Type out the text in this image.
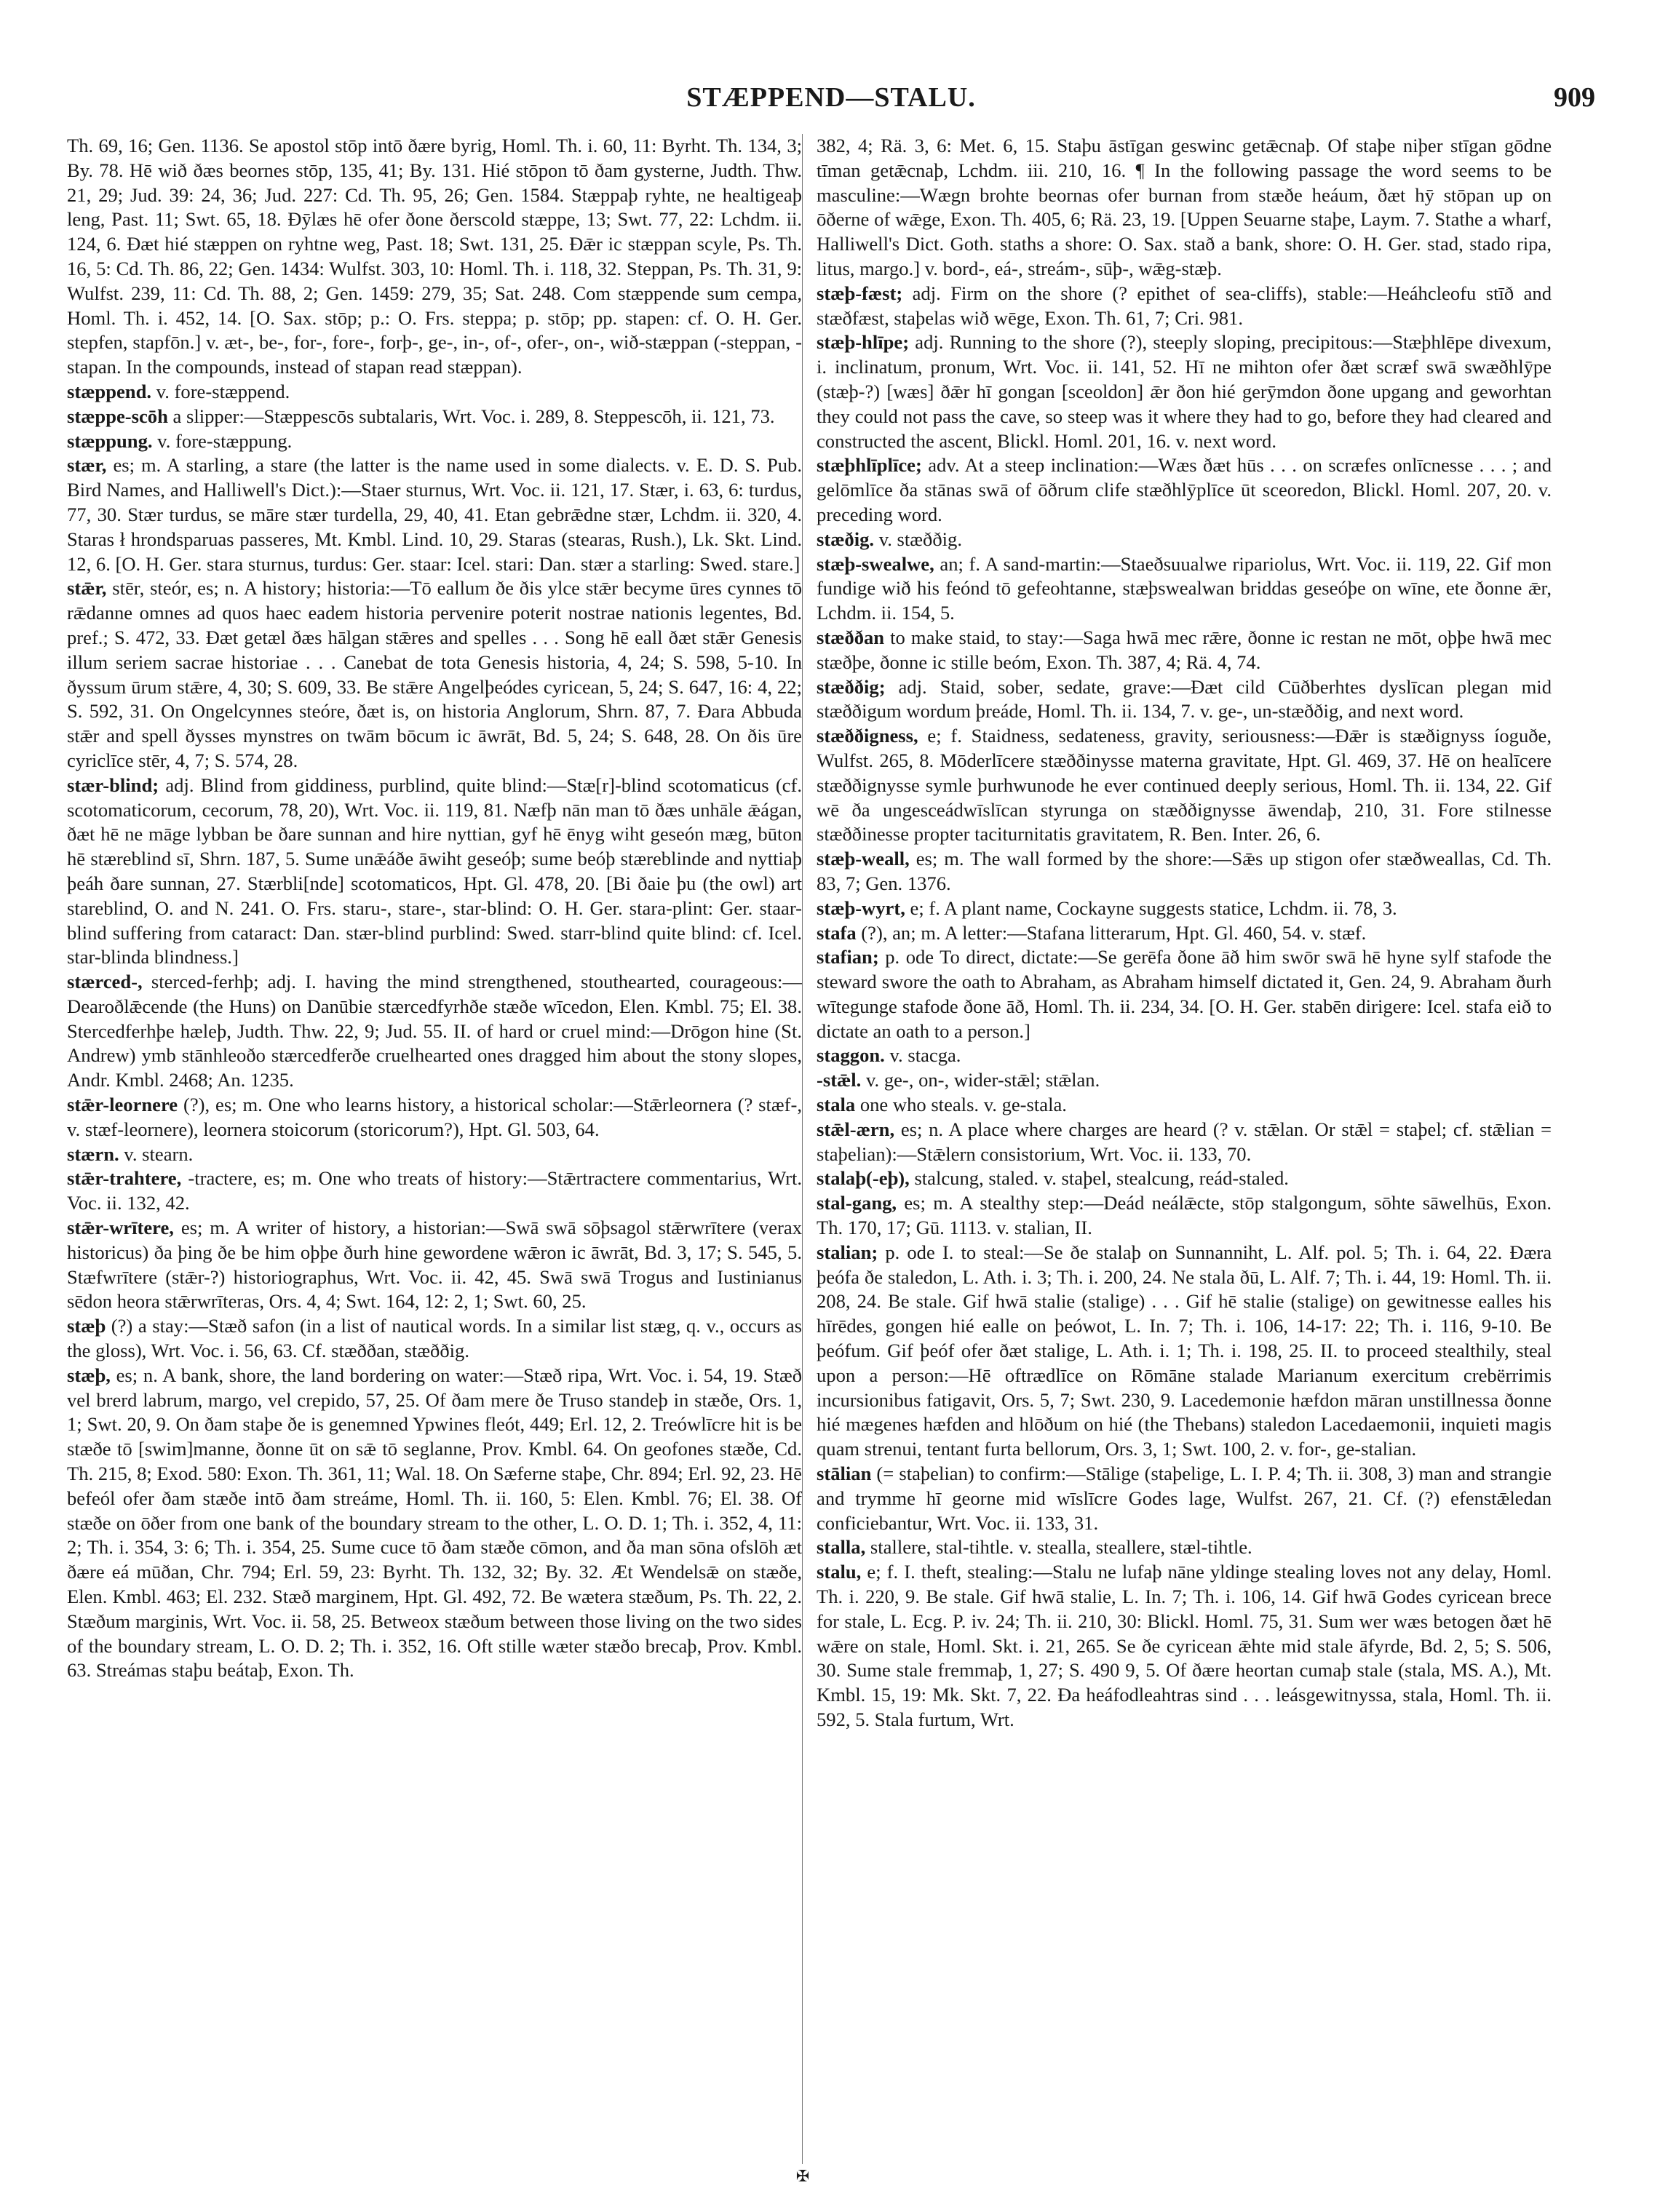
STÆPPEND—STALU.	909

Th. 69, 16; Gen. 1136. Se apostol stōp intō ðære byrig, Homl. Th. i. 60, 11: Byrht. Th. 134, 3; By. 78. Hē wið ðæs beornes stōp, 135, 41; By. 131. Hié stōpon tō ðam gysterne, Judth. Thw. 21, 29; Jud. 39: 24, 36; Jud. 227: Cd. Th. 95, 26; Gen. 1584. Stæppaþ ryhte, ne healtigeaþ leng, Past. 11; Swt. 65, 18. Ðȳlæs hē ofer ðone ðerscold stæppe, 13; Swt. 77, 22: Lchdm. ii. 124, 6. Ðæt hié stæppen on ryhtne weg, Past. 18; Swt. 131, 25. Ðǣr ic stæppan scyle, Ps. Th. 16, 5: Cd. Th. 86, 22; Gen. 1434: Wulfst. 303, 10: Homl. Th. i. 118, 32. Steppan, Ps. Th. 31, 9: Wulfst. 239, 11: Cd. Th. 88, 2; Gen. 1459: 279, 35; Sat. 248. Com stæppende sum cempa, Homl. Th. i. 452, 14. [O. Sax. stōp; p.: O. Frs. steppa; p. stōp; pp. stapen: cf. O. H. Ger. stepfen, stapfōn.] v. æt-, be-, for-, fore-, forþ-, ge-, in-, of-, ofer-, on-, wið-stæppan (-steppan, -stapan. In the compounds, instead of stapan read stæppan).

stæppend. v. fore-stæppend.

stæppe-scōh a slipper:—Stæppescōs subtalaris, Wrt. Voc. i. 289, 8. Steppescōh, ii. 121, 73.

stæppung. v. fore-stæppung.

stær, es; m. A starling, a stare (the latter is the name used in some dialects. v. E. D. S. Pub. Bird Names, and Halliwell's Dict.):—Staer sturnus, Wrt. Voc. ii. 121, 17. Stær, i. 63, 6: turdus, 77, 30. Stær turdus, se māre stær turdella, 29, 40, 41. Etan gebrǣdne stær, Lchdm. ii. 320, 4. Staras ł hrondsparuas passeres, Mt. Kmbl. Lind. 10, 29. Staras (stearas, Rush.), Lk. Skt. Lind. 12, 6. [O. H. Ger. stara sturnus, turdus: Ger. staar: Icel. stari: Dan. stær a starling: Swed. stare.]

stǣr, stēr, steór, es; n. A history; historia:—Tō eallum ðe ðis ylce stǣr becyme ūres cynnes tō rǣdanne omnes ad quos haec eadem historia pervenire poterit nostrae nationis legentes, Bd. pref.; S. 472, 33. Ðæt getæl ðæs hālgan stǣres and spelles . . . Song hē eall ðæt stǣr Genesis illum seriem sacrae historiae . . . Canebat de tota Genesis historia, 4, 24; S. 598, 5-10. In ðyssum ūrum stǣre, 4, 30; S. 609, 33. Be stǣre Angelþeódes cyricean, 5, 24; S. 647, 16: 4, 22; S. 592, 31. On Ongelcynnes steóre, ðæt is, on historia Anglorum, Shrn. 87, 7. Ðara Abbuda stǣr and spell ðysses mynstres on twām bōcum ic āwrāt, Bd. 5, 24; S. 648, 28. On ðis ūre cyriclīce stēr, 4, 7; S. 574, 28.

stær-blind; adj. Blind from giddiness, purblind, quite blind:—Stæ[r]-blind scotomaticus (cf. scotomaticorum, cecorum, 78, 20), Wrt. Voc. ii. 119, 81. Næfþ nān man tō ðæs unhāle ǣágan, ðæt hē ne māge lybban be ðare sunnan and hire nyttian, gyf hē ēnyg wiht geseón mæg, būton hē stæreblind sī, Shrn. 187, 5. Sume unǣáðe āwiht geseóþ; sume beóþ stæreblinde and nyttiaþ þeáh ðare sunnan, 27. Stærbli[nde] scotomaticos, Hpt. Gl. 478, 20. [Bi ðaie þu (the owl) art stareblind, O. and N. 241. O. Frs. staru-, stare-, star-blind: O. H. Ger. stara-plint: Ger. staar-blind suffering from cataract: Dan. stær-blind purblind: Swed. starr-blind quite blind: cf. Icel. star-blinda blindness.]

stærced-, sterced-ferhþ; adj. I. having the mind strengthened, stouthearted, courageous:—Dearoðlǣcende (the Huns) on Danūbie stærcedfyrhðe stæðe wīcedon, Elen. Kmbl. 75; El. 38. Stercedferhþe hæleþ, Judth. Thw. 22, 9; Jud. 55. II. of hard or cruel mind:—Drōgon hine (St. Andrew) ymb stānhleoðo stærcedferðe cruelhearted ones dragged him about the stony slopes, Andr. Kmbl. 2468; An. 1235.

stǣr-leornere (?), es; m. One who learns history, a historical scholar:—Stǣrleornera (? stæf-, v. stæf-leornere), leornera stoicorum (storicorum?), Hpt. Gl. 503, 64.

stærn. v. stearn.

stǣr-trahtere, -tractere, es; m. One who treats of history:—Stǣrtractere commentarius, Wrt. Voc. ii. 132, 42.

stǣr-wrītere, es; m. A writer of history, a historian:—Swā swā sōþsagol stǣrwrītere (verax historicus) ða þing ðe be him oþþe ðurh hine gewordene wǣron ic āwrāt, Bd. 3, 17; S. 545, 5. Stæfwrītere (stǣr-?) historiographus, Wrt. Voc. ii. 42, 45. Swā swā Trogus and Iustinianus sēdon heora stǣrwrīteras, Ors. 4, 4; Swt. 164, 12: 2, 1; Swt. 60, 25.

stæþ (?) a stay:—Stæð safon (in a list of nautical words. In a similar list stæg, q. v., occurs as the gloss), Wrt. Voc. i. 56, 63. Cf. stæððan, stæððig.

stæþ, es; n. A bank, shore, the land bordering on water:—Stæð ripa, Wrt. Voc. i. 54, 19. Stæð vel brerd labrum, margo, vel crepido, 57, 25. Of ðam mere ðe Truso standeþ in stæðe, Ors. 1, 1; Swt. 20, 9. On ðam staþe ðe is genemned Ypwines fleót, 449; Erl. 12, 2. Treówlīcre hit is be stæðe tō [swim]manne, ðonne ūt on sǣ tō seglanne, Prov. Kmbl. 64. On geofones stæðe, Cd. Th. 215, 8; Exod. 580: Exon. Th. 361, 11; Wal. 18. On Sæferne staþe, Chr. 894; Erl. 92, 23. Hē befeól ofer ðam stæðe intō ðam streáme, Homl. Th. ii. 160, 5: Elen. Kmbl. 76; El. 38. Of stæðe on ōðer from one bank of the boundary stream to the other, L. O. D. 1; Th. i. 352, 4, 11: 2; Th. i. 354, 3: 6; Th. i. 354, 25. Sume cuce tō ðam stæðe cōmon, and ða man sōna ofslōh æt ðære eá mūðan, Chr. 794; Erl. 59, 23: Byrht. Th. 132, 32; By. 32. Æt Wendelsǣ on stæðe, Elen. Kmbl. 463; El. 232. Stæð marginem, Hpt. Gl. 492, 72. Be wætera stæðum, Ps. Th. 22, 2. Stæðum marginis, Wrt. Voc. ii. 58, 25. Betweox stæðum between those living on the two sides of the boundary stream, L. O. D. 2; Th. i. 352, 16. Oft stille wæter stæðo brecaþ, Prov. Kmbl. 63. Streámas staþu beátaþ, Exon. Th.

382, 4; Rä. 3, 6: Met. 6, 15. Staþu āstīgan geswinc getǣcnaþ. Of staþe niþer stīgan gōdne tīman getǣcnaþ, Lchdm. iii. 210, 16. ¶ In the following passage the word seems to be masculine:—Wægn brohte beornas ofer burnan from stæðe heáum, ðæt hȳ stōpan up on ōðerne of wǣge, Exon. Th. 405, 6; Rä. 23, 19. [Uppen Seuarne staþe, Laym. 7. Stathe a wharf, Halliwell's Dict. Goth. staths a shore: O. Sax. stað a bank, shore: O. H. Ger. stad, stado ripa, litus, margo.] v. bord-, eá-, streám-, sūþ-, wǣg-stæþ.

stæþ-fæst; adj. Firm on the shore (? epithet of sea-cliffs), stable:—Heáhcleofu stīð and stæðfæst, staþelas wið wēge, Exon. Th. 61, 7; Cri. 981.

stæþ-hlīpe; adj. Running to the shore (?), steeply sloping, precipitous:—Stæþhlēpe divexum, i. inclinatum, pronum, Wrt. Voc. ii. 141, 52. Hī ne mihton ofer ðæt scræf swā swæðhlȳpe (stæþ-?) [wæs] ðǣr hī gongan [sceoldon] ǣr ðon hié gerȳmdon ðone upgang and geworhtan they could not pass the cave, so steep was it where they had to go, before they had cleared and constructed the ascent, Blickl. Homl. 201, 16. v. next word.

stæþhlīplīce; adv. At a steep inclination:—Wæs ðæt hūs . . . on scræfes onlīcnesse . . . ; and gelōmlīce ða stānas swā of ōðrum clife stæðhlȳplīce ūt sceoredon, Blickl. Homl. 207, 20. v. preceding word.

stæðig. v. stæððig.

stæþ-swealwe, an; f. A sand-martin:—Staeðsuualwe ripariolus, Wrt. Voc. ii. 119, 22. Gif mon fundige wið his feónd tō gefeohtanne, stæþswealwan briddas geseóþe on wīne, ete ðonne ǣr, Lchdm. ii. 154, 5.

stæððan to make staid, to stay:—Saga hwā mec rǣre, ðonne ic restan ne mōt, oþþe hwā mec stæðþe, ðonne ic stille beóm, Exon. Th. 387, 4; Rä. 4, 74.

stæððig; adj. Staid, sober, sedate, grave:—Ðæt cild Cūðberhtes dyslīcan plegan mid stæððigum wordum þreáde, Homl. Th. ii. 134, 7. v. ge-, un-stæððig, and next word.

stæððigness, e; f. Staidness, sedateness, gravity, seriousness:—Ðǣr is stæðignyss íoguðe, Wulfst. 265, 8. Mōderlīcere stæððinysse materna gravitate, Hpt. Gl. 469, 37. Hē on healīcere stæððignysse symle þurhwunode he ever continued deeply serious, Homl. Th. ii. 134, 22. Gif wē ða ungesceádwīslīcan styrunga on stæððignysse āwendaþ, 210, 31. Fore stilnesse stæððinesse propter taciturnitatis gravitatem, R. Ben. Inter. 26, 6.

stæþ-weall, es; m. The wall formed by the shore:—Sǣs up stigon ofer stæðweallas, Cd. Th. 83, 7; Gen. 1376.

stæþ-wyrt, e; f. A plant name, Cockayne suggests statice, Lchdm. ii. 78, 3.

stafa (?), an; m. A letter:—Stafana litterarum, Hpt. Gl. 460, 54. v. stæf.

stafian; p. ode To direct, dictate:—Se gerēfa ðone āð him swōr swā hē hyne sylf stafode the steward swore the oath to Abraham, as Abraham himself dictated it, Gen. 24, 9. Abraham ðurh wītegunge stafode ðone āð, Homl. Th. ii. 234, 34. [O. H. Ger. stabēn dirigere: Icel. stafa eið to dictate an oath to a person.]

staggon. v. stacga.

-stǣl. v. ge-, on-, wider-stǣl; stǣlan.

stala one who steals. v. ge-stala.

stǣl-ærn, es; n. A place where charges are heard (? v. stǣlan. Or stǣl = staþel; cf. stǣlian = staþelian):—Stǣlern consistorium, Wrt. Voc. ii. 133, 70.

stalaþ(-eþ), stalcung, staled. v. staþel, stealcung, reád-staled.

stal-gang, es; m. A stealthy step:—Deád neálǣcte, stōp stalgongum, sōhte sāwelhūs, Exon. Th. 170, 17; Gū. 1113. v. stalian, II.

stalian; p. ode I. to steal:—Se ðe stalaþ on Sunnanniht, L. Alf. pol. 5; Th. i. 64, 22. Ðæra þeófa ðe staledon, L. Ath. i. 3; Th. i. 200, 24. Ne stala ðū, L. Alf. 7; Th. i. 44, 19: Homl. Th. ii. 208, 24. Be stale. Gif hwā stalie (stalige) . . . Gif hē stalie (stalige) on gewitnesse ealles his hīrēdes, gongen hié ealle on þeówot, L. In. 7; Th. i. 106, 14-17: 22; Th. i. 116, 9-10. Be þeófum. Gif þeóf ofer ðæt stalige, L. Ath. i. 1; Th. i. 198, 25. II. to proceed stealthily, steal upon a person:—Hē oftrædlīce on Rōmāne stalade Marianum exercitum crebërrimis incursionibus fatigavit, Ors. 5, 7; Swt. 230, 9. Lacedemonie hæfdon māran unstillnessa ðonne hié mægenes hæfden and hlōðum on hié (the Thebans) staledon Lacedaemonii, inquieti magis quam strenui, tentant furta bellorum, Ors. 3, 1; Swt. 100, 2. v. for-, ge-stalian.

stālian (= staþelian) to confirm:—Stālige (staþelige, L. I. P. 4; Th. ii. 308, 3) man and strangie and trymme hī georne mid wīslīcre Godes lage, Wulfst. 267, 21. Cf. (?) efenstǣledan conficiebantur, Wrt. Voc. ii. 133, 31.

stalla, stallere, stal-tihtle. v. stealla, steallere, stæl-tihtle.

stalu, e; f. I. theft, stealing:—Stalu ne lufaþ nāne yldinge stealing loves not any delay, Homl. Th. i. 220, 9. Be stale. Gif hwā stalie, L. In. 7; Th. i. 106, 14. Gif hwā Godes cyricean brece for stale, L. Ecg. P. iv. 24; Th. ii. 210, 30: Blickl. Homl. 75, 31. Sum wer wæs betogen ðæt hē wǣre on stale, Homl. Skt. i. 21, 265. Se ðe cyricean ǣhte mid stale āfyrde, Bd. 2, 5; S. 506, 30. Sume stale fremmaþ, 1, 27; S. 490 9, 5. Of ðære heortan cumaþ stale (stala, MS. A.), Mt. Kmbl. 15, 19: Mk. Skt. 7, 22. Ða heáfodleahtras sind . . . leásgewitnyssa, stala, Homl. Th. ii. 592, 5. Stala furtum, Wrt.

✠
